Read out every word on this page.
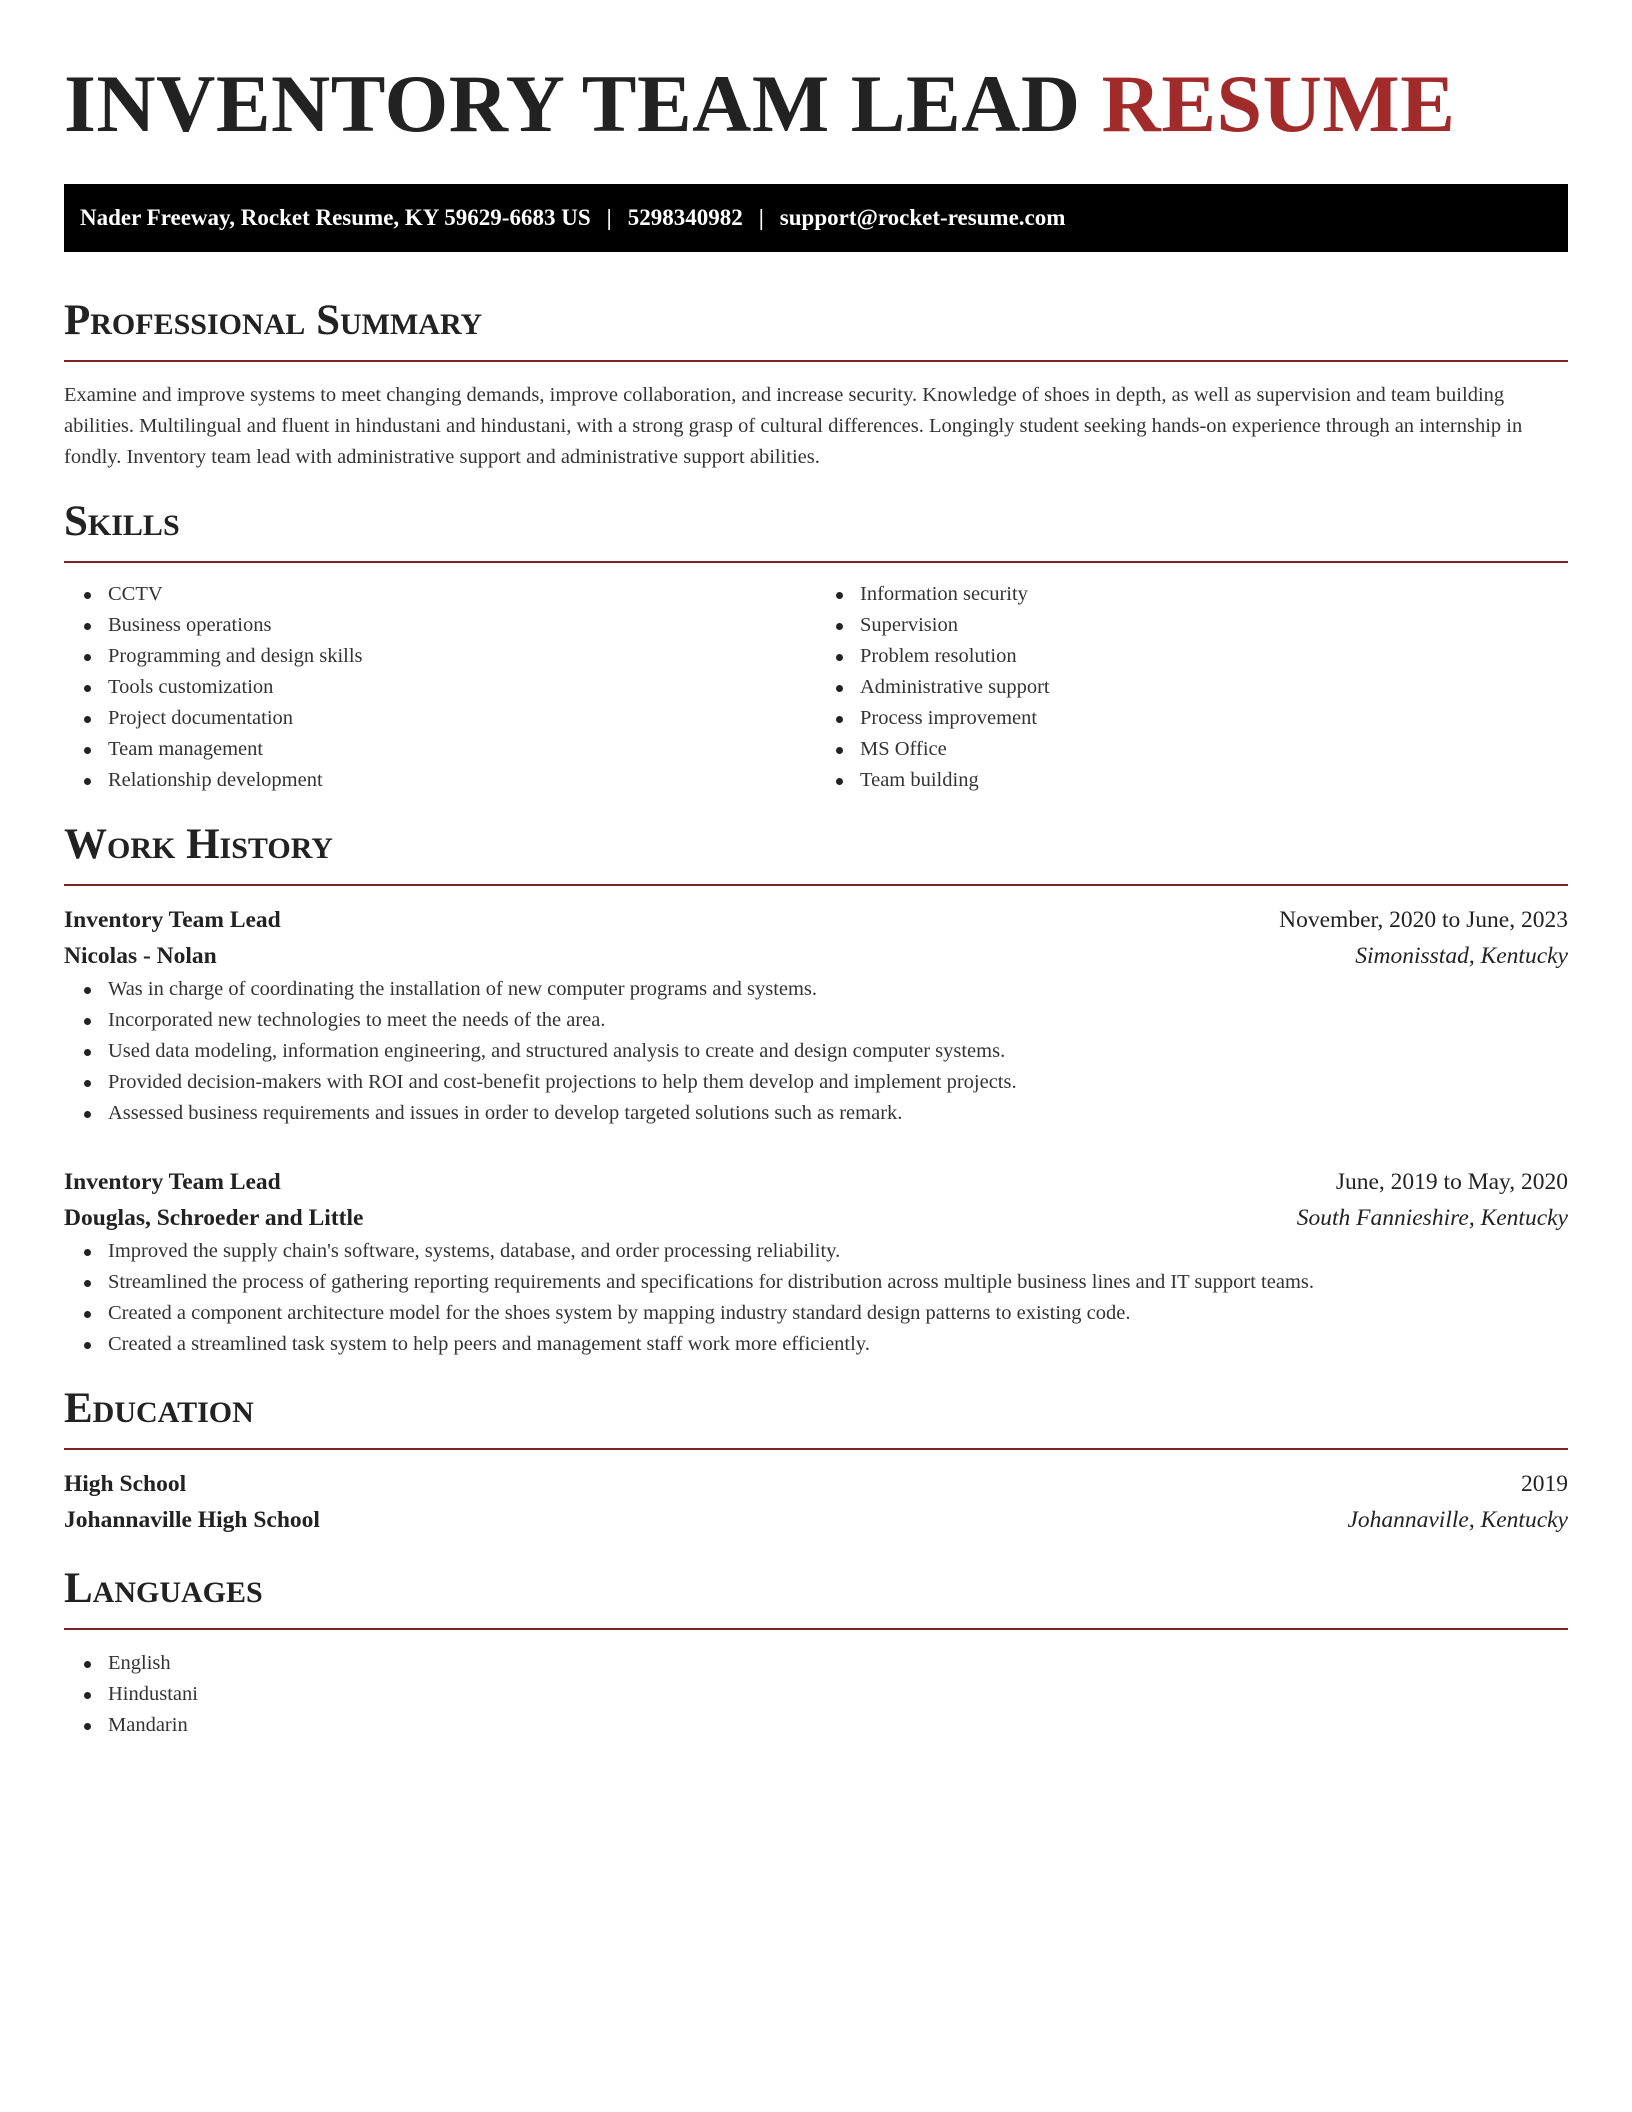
INVENTORY TEAM LEAD RESUME
Nader Freeway, Rocket Resume, KY 59629-6683 US | 5298340982 | support@rocket-resume.com
Professional Summary

Examine and improve systems to meet changing demands, improve collaboration, and increase security. Knowledge of shoes in depth, as well as supervision and team building abilities. Multilingual and fluent in hindustani and hindustani, with a strong grasp of cultural differences. Longingly student seeking hands-on experience through an internship in fondly. Inventory team lead with administrative support and administrative support abilities.

Skills
CCTV
Business operations
Programming and design skills
Tools customization
Project documentation
Team management
Relationship development
Information security
Supervision
Problem resolution
Administrative support
Process improvement
MS Office
Team building
Work History
Inventory Team Lead	November, 2020 to June, 2023
Nicolas - Nolan	Simonisstad, Kentucky
Was in charge of coordinating the installation of new computer programs and systems.
Incorporated new technologies to meet the needs of the area.
Used data modeling, information engineering, and structured analysis to create and design computer systems.
Provided decision-makers with ROI and cost-benefit projections to help them develop and implement projects.
Assessed business requirements and issues in order to develop targeted solutions such as remark.
Inventory Team Lead	June, 2019 to May, 2020
Douglas, Schroeder and Little	South Fannieshire, Kentucky
Improved the supply chain's software, systems, database, and order processing reliability.
Streamlined the process of gathering reporting requirements and specifications for distribution across multiple business lines and IT support teams.
Created a component architecture model for the shoes system by mapping industry standard design patterns to existing code.
Created a streamlined task system to help peers and management staff work more efficiently.
Education
High School	2019
Johannaville High School	Johannaville, Kentucky
Languages
English
Hindustani
Mandarin
